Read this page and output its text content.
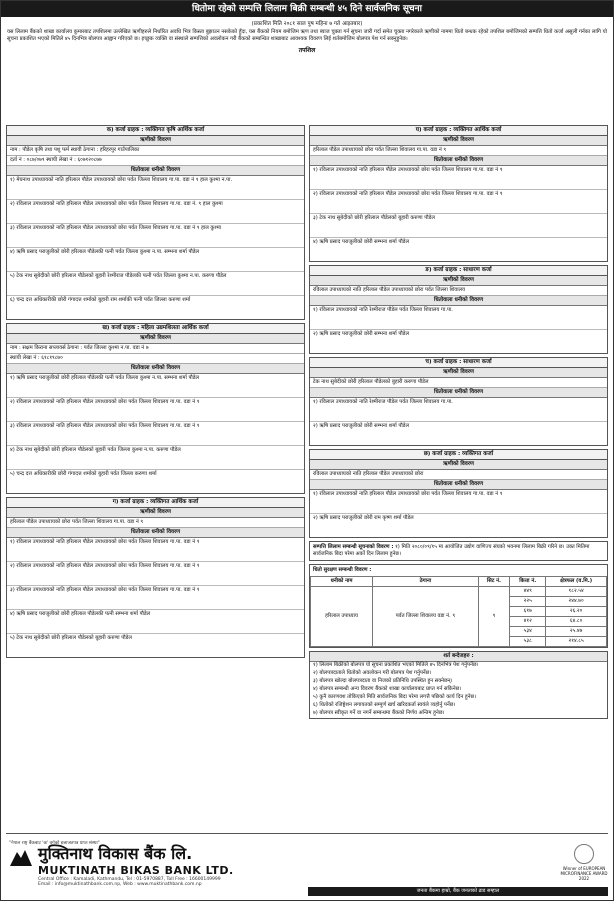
धितोमा रहेको सम्पत्ति लिलाम बिक्री सम्बन्धी ४५ दिने सार्वजनिक सूचना
(प्रकाशित मिति २०८१ साल पुष महिना ७ गते आइतबार)
यस लिलाम बैंकको शाखा कार्यालय कुमारबाट तपशिलमा उल्लेखित ऋणीहरुले निर्धारित अवधि भित्र किस्ता बुझाउन नसकेको हुँदा, यस बैंकको नियम बमोजिम ऋण तथा ब्याज चुक्ता गर्न सूचना जारी गर्दा समेत चुक्ता नगरेकाले ऋणीको नाममा धितो बन्धक रहेको तपशिल बमोजिमको सम्पत्ति धितो कर्जा असुली गर्नका लागि यो सूचना प्रकाशित भएको मितिले ४५ दिनभित्र बोलपत्र आह्वान गरिएको छ। इच्छुक व्यक्ति वा संस्थाले सम्पत्तिको अवलोकन गरी बैंकको सम्बन्धित शाखाबाट आवश्यक विवरण लिई शर्तबमोजिम बोलपत्र पेश गर्न सक्नुहुनेछ।
तपशिल
क) कर्जा ग्राहक : व्यक्तिगत कृषि आर्थिक कर्जा
ऋणीको विवरण
नाम : पौडेल कृषि तथा पशु फर्म स्थायी ठेगाना : हरिहरपुर गाउँपालिका
दर्ता नं : ०८७/०७९ स्थायी लेखा नं : ६०७१२०८७७
धितोवाला धनीको विवरण
१) मेघनाथ उपाध्यायको नाति हरिलाल पौडेल उपाध्यायको छोरा पर्वत जिल्ला शिवालय गा.पा. वडा नं ९ हाल कुश्मा न.पा.
२) रविलाल उपाध्यायको नाति हरिलाल पौडेल उपाध्यायको छोरा पर्वत जिल्ला शिवालय गा.पा. वडा नं. ९ हाल कुश्मा
३) रविलाल उपाध्यायको नाति हरिलाल पौडेल उपाध्यायको छोरा पर्वत जिल्ला शिवालय गा.पा. वडा नं ९ हाल कुश्मा
४) ऋषि प्रसाद पराजुलीको छोरी हरिलाल पौडेलकी पत्नी पर्वत जिल्ला कुश्मा न.पा. सम्भना शर्मा पौडेल
५) टेक नाथ सुबेदीको छोरी हरिलाल पौडेलको बुहारी रेश्मीराज पौडेलकी पत्नी पर्वत जिल्ला कुश्मा न.पा. करुणा पौडेल
६) चन्द्र दत्त अधिकारीकी छोरी गंगादत्त शर्माको बुहारी राम शर्माकी पत्नी पर्वत जिल्ला करुणा शर्मा
ख) कर्जा ग्राहक : महिला उद्यमशिलता आर्थिक कर्जा
ऋणीको विवरण
नाम : सक्षम किराना सप्लायर्स ठेगाना : पर्वत जिल्ला कुश्मा न.पा. वडा नं ७
स्थायी लेखा नं : ६१८१९८७०
धितोवाला धनीको विवरण
१) ऋषि प्रसाद पराजुलीको छोरी हरिलाल पौडेलकी पत्नी पर्वत जिल्ला कुश्मा न.पा. सम्भना शर्मा पौडेल
२) रविलाल उपाध्यायको नाति हरिलाल पौडेल उपाध्यायको छोरा पर्वत जिल्ला शिवालय गा.पा. वडा नं ९
३) रविलाल उपाध्यायको नाति हरिलाल पौडेल उपाध्यायको छोरा पर्वत जिल्ला शिवालय गा.पा. वडा नं ९
४) टेक नाथ सुबेदीको छोरी हरिलाल पौडेलको बुहारी पर्वत जिल्ला कुश्मा न.पा. करुणा पौडेल
५) चन्द्र दत्त अधिकारीकी छोरी गंगादत्त शर्माको बुहारी पर्वत जिल्ला करुणा शर्मा
ग) कर्जा ग्राहक : व्यक्तिगत आर्थिक कर्जा
ऋणीको विवरण
हरिलाल पौडेल उपाध्यायको छोरा पर्वत जिल्ला शिवालय गा.पा. वडा नं ९
धितोवाला धनीको विवरण
१) रविलाल उपाध्यायको नाति हरिलाल पौडेल उपाध्यायको छोरा पर्वत जिल्ला शिवालय गा.पा. वडा नं ९
२) रविलाल उपाध्यायको नाति हरिलाल पौडेल उपाध्यायको छोरा पर्वत जिल्ला शिवालय गा.पा. वडा नं ९
३) रविलाल उपाध्यायको नाति हरिलाल पौडेल उपाध्यायको छोरा पर्वत जिल्ला शिवालय गा.पा. वडा नं ९
४) ऋषि प्रसाद पराजुलीको छोरी हरिलाल पौडेलकी पत्नी सम्भना शर्मा पौडेल
५) टेक नाथ सुबेदीको छोरी हरिलाल पौडेलको बुहारी करुणा पौडेल
घ) कर्जा ग्राहक : व्यक्तिगत आर्थिक कर्जा
ऋणीको विवरण
हरिलाल पौडेल उपाध्यायको छोरा पर्वत जिल्ला शिवालय गा.पा. वडा नं ९
धितोवाला धनीको विवरण
१) रविलाल उपाध्यायको नाति हरिलाल पौडेल उपाध्यायको छोरा पर्वत जिल्ला शिवालय गा.पा. वडा नं ९
२) रविलाल उपाध्यायको नाति हरिलाल पौडेल उपाध्यायको छोरा पर्वत जिल्ला शिवालय गा.पा. वडा नं ९
३) टेक नाथ सुबेदीको छोरी हरिलाल पौडेलको बुहारी करुणा पौडेल
४) ऋषि प्रसाद पराजुलीको छोरी सम्भना शर्मा पौडेल
ङ) कर्जा ग्राहक : साधारण कर्जा
ऋणीको विवरण
रविलाल उपाध्यायको नाति हरिलाल पौडेल उपाध्यायको छोरा पर्वत जिल्ला शिवालय
धितोवाला धनीको विवरण
१) रविलाल उपाध्यायको नाति रेश्मीराज पौडेल पर्वत जिल्ला शिवालय गा.पा.
२) ऋषि प्रसाद पराजुलीको छोरी सम्भना शर्मा पौडेल
च) कर्जा ग्राहक : साधारण कर्जा
ऋणीको विवरण
टेक नाथ सुबेदीको छोरी हरिलाल पौडेलको बुहारी करुणा पौडेल
धितोवाला धनीको विवरण
१) रविलाल उपाध्यायको नाति रेश्मीराज पौडेल पर्वत जिल्ला शिवालय गा.पा.
२) ऋषि प्रसाद पराजुलीको छोरी सम्भना शर्मा पौडेल
छ) कर्जा ग्राहक : व्यक्तिगत कर्जा
ऋणीको विवरण
रविलाल उपाध्यायको नाति हरिलाल पौडेल उपाध्यायको छोरा
धितोवाला धनीको विवरण
१) रविलाल उपाध्यायको नाति हरिलाल पौडेल उपाध्यायको छोरा पर्वत जिल्ला शिवालय गा.पा. वडा नं ९
२) ऋषि प्रसाद पराजुलीको छोरी राम कृष्ण शर्मा पौडेल
सम्पत्ति लिलाम सम्बन्धी सूचनाको विवरण : १) मिति २०८०/०९/१५ मा आयोजित उद्योग वाणिज्य संघको भवनमा लिलाम बिक्री गरिने छ। उक्त मितिमा सार्वजनिक बिदा परेमा अर्को दिन लिलाम हुनेछ।
धितो सुरक्षण सम्बन्धी विवरण :
धनीको नाम	ठेगाना	सिट नं.	कित्ता नं.	क्षेत्रफल (व.मि.)
हरिलाल उपाध्याय	पर्वत जिल्ला शिवालय वडा नं. ९	९	४४९	१८२.५४
			२२५	२४४.७०
			६१७	२६.२०
			४१२	६४.८०
			५३४	२५.४७
			५३८	२१४.८५
शर्त बन्देजहरु :

१) लिलाम बिक्रीको बोलपत्र यो सूचना प्रकाशित भएको मितिले ४५ दिनभित्र पेश गर्नुपर्नेछ।

२) बोलपत्रदाताले धितोको अवलोकन गरी बोलपत्र पेश गर्नुपर्नेछ।

३) बोलपत्र खोल्दा बोलपत्रदाता वा निजको प्रतिनिधि उपस्थित हुन सक्नेछन्।

४) बोलपत्र सम्बन्धी अन्य विवरण बैंकको शाखा कार्यालयबाट प्राप्त गर्न सकिनेछ।

५) कुनै कारणवश तोकिएको मिति सार्वजनिक बिदा परेमा लगत्तै पछिको कार्य दिन हुनेछ।

६) धितोको रजिष्ट्रेशन लगायतको सम्पूर्ण खर्च खरिदकर्ता स्वयंले व्यहोर्नु पर्नेछ।

७) बोलपत्र स्वीकृत गर्ने वा नगर्ने सम्बन्धमा बैंकको निर्णय अन्तिम हुनेछ।

"नेपाल राष्ट्र बैंकबाट 'क' वर्गको इजाजतपत्र प्राप्त संस्था"
मुक्तिनाथ विकास बैंक लि.
MUKTINATH BIKAS BANK LTD.
Central Office : Kamaladi, Kathmandu, Tel : 01-5970887, Toll Free : 16600149999
Email : info@muktinathbank.com.np, Web : www.muktinathbank.com.np
Winner of EUROPEAN MICROFINANCE AWARD 2022
जनता बैंकमा हाम्रो, बैंक जनताको ढाड सम्हाल
